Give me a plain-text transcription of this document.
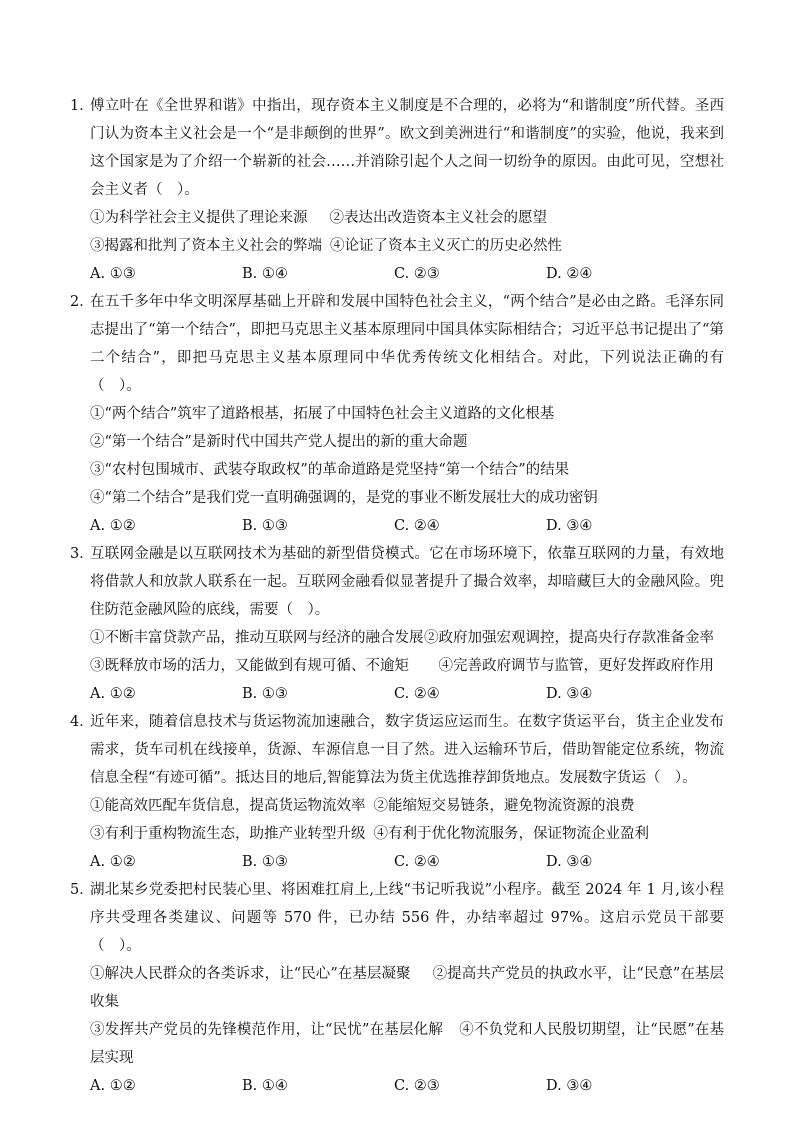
1．
傅立叶在《全世界和谐》中指出，现存资本主义制度是不合理的，必将为“和谐制度”所代替。圣西门认为资本主义社会是一个“是非颠倒的世界”。欧文到美洲进行“和谐制度”的实验，他说，我来到这个国家是为了介绍一个崭新的社会……并消除引起个人之间一切纷争的原因。由此可见，空想社会主义者（　）。
①为科学社会主义提供了理论来源 ②表达出改造资本主义社会的愿望
③揭露和批判了资本主义社会的弊端 ④论证了资本主义灭亡的历史必然性
A. ①③	B. ①④	C. ②③	D. ②④
2．
在五千多年中华文明深厚基础上开辟和发展中国特色社会主义，“两个结合”是必由之路。毛泽东同志提出了“第一个结合”，即把马克思主义基本原理同中国具体实际相结合；习近平总书记提出了“第二个结合”，即把马克思主义基本原理同中华优秀传统文化相结合。对此，下列说法正确的有（　）。
①“两个结合”筑牢了道路根基，拓展了中国特色社会主义道路的文化根基
②“第一个结合”是新时代中国共产党人提出的新的重大命题
③“农村包围城市、武装夺取政权”的革命道路是党坚持“第一个结合”的结果
④“第二个结合”是我们党一直明确强调的，是党的事业不断发展壮大的成功密钥
A. ①②	B. ①③	C. ②④	D. ③④
3．
互联网金融是以互联网技术为基础的新型借贷模式。它在市场环境下，依靠互联网的力量，有效地将借款人和放款人联系在一起。互联网金融看似显著提升了撮合效率，却暗藏巨大的金融风险。兜住防范金融风险的底线，需要（　）。
①不断丰富贷款产品，推动互联网与经济的融合发展 ②政府加强宏观调控，提高央行存款准备金率
③既释放市场的活力，又能做到有规可循、不逾矩 ④完善政府调节与监管，更好发挥政府作用
A. ①②	B. ①③	C. ②④	D. ③④
4．
近年来，随着信息技术与货运物流加速融合，数字货运应运而生。在数字货运平台，货主企业发布需求，货车司机在线接单，货源、车源信息一目了然。进入运输环节后，借助智能定位系统，物流信息全程“有迹可循”。抵达目的地后,智能算法为货主优选推荐卸货地点。发展数字货运（　）。
①能高效匹配车货信息，提高货运物流效率 ②能缩短交易链条，避免物流资源的浪费
③有利于重构物流生态，助推产业转型升级 ④有利于优化物流服务，保证物流企业盈利
A. ①②	B. ①③	C. ②④	D. ③④
5．
湖北某乡党委把村民装心里、将困难扛肩上,上线“书记听我说”小程序。截至 2024 年 1 月,该小程序共受理各类建议、问题等 570 件，已办结 556 件，办结率超过 97%。这启示党员干部要（　）。
①解决人民群众的各类诉求，让“民心”在基层凝聚 ②提高共产党员的执政水平，让“民意”在基层收集
③发挥共产党员的先锋模范作用，让“民忧”在基层化解 ④不负党和人民殷切期望，让“民愿”在基层实现
A. ①②	B. ①④	C. ②③	D. ③④
